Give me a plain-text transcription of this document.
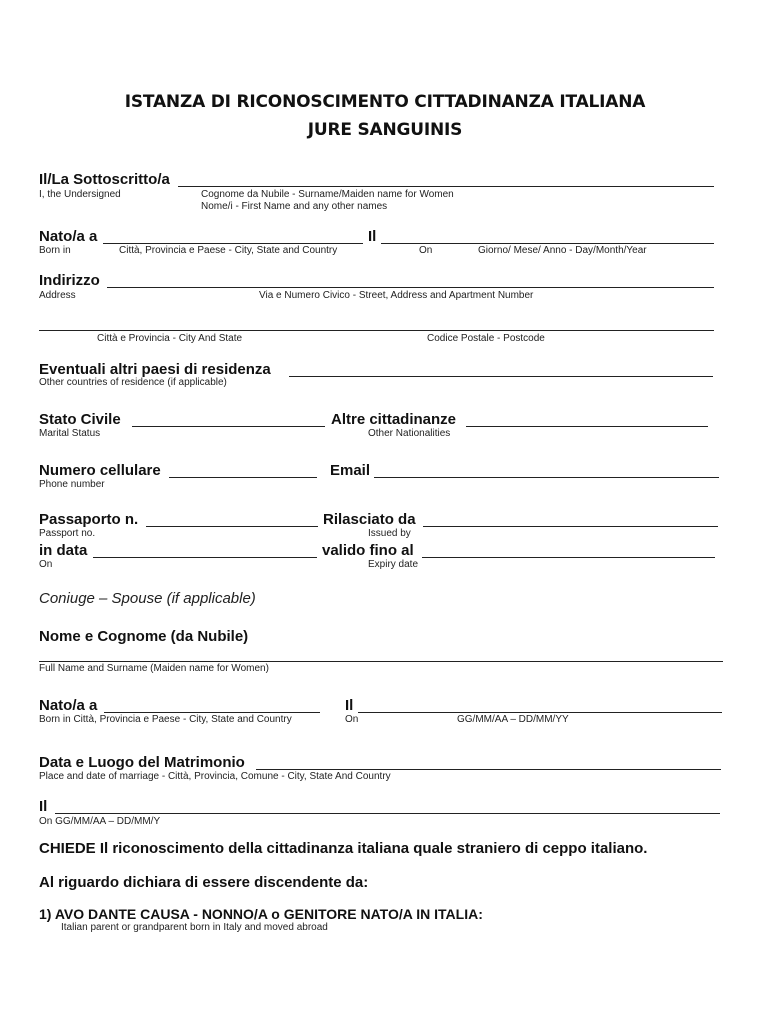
ISTANZA DI RICONOSCIMENTO CITTADINANZA ITALIANA
JURE SANGUINIS
Il/La Sottoscritto/a
I, the Undersigned	Cognome da Nubile - Surname/Maiden name for Women
Nome/i - First Name and any other names
Nato/a a	Il
Born in	Città, Provincia e Paese - City, State and Country	On	Giorno/ Mese/ Anno - Day/Month/Year
Indirizzo
Address	Via e Numero Civico - Street, Address and Apartment Number
Città e Provincia - City And State	Codice Postale - Postcode
Eventuali altri paesi di residenza
Other countries of residence (if applicable)
Stato Civile	Altre cittadinanze
Marital Status	Other Nationalities
Numero cellulare	Email
Phone number
Passaporto n.	Rilasciato da
Passport no.	Issued by
in data	valido fino al
On	Expiry date
Coniuge – Spouse (if applicable)
Nome e Cognome (da Nubile)
Full Name and Surname (Maiden name for Women)
Nato/a a	Il
Born in Città, Provincia e Paese - City, State and Country	On	GG/MM/AA – DD/MM/YY
Data e Luogo del Matrimonio
Place and date of marriage - Città, Provincia, Comune - City, State And Country
Il
On GG/MM/AA – DD/MM/Y
CHIEDE Il riconoscimento della cittadinanza italiana quale straniero di ceppo italiano.
Al riguardo dichiara di essere discendente da:
1) AVO DANTE CAUSA - NONNO/A o GENITORE NATO/A IN ITALIA:
Italian parent or grandparent born in Italy and moved abroad
